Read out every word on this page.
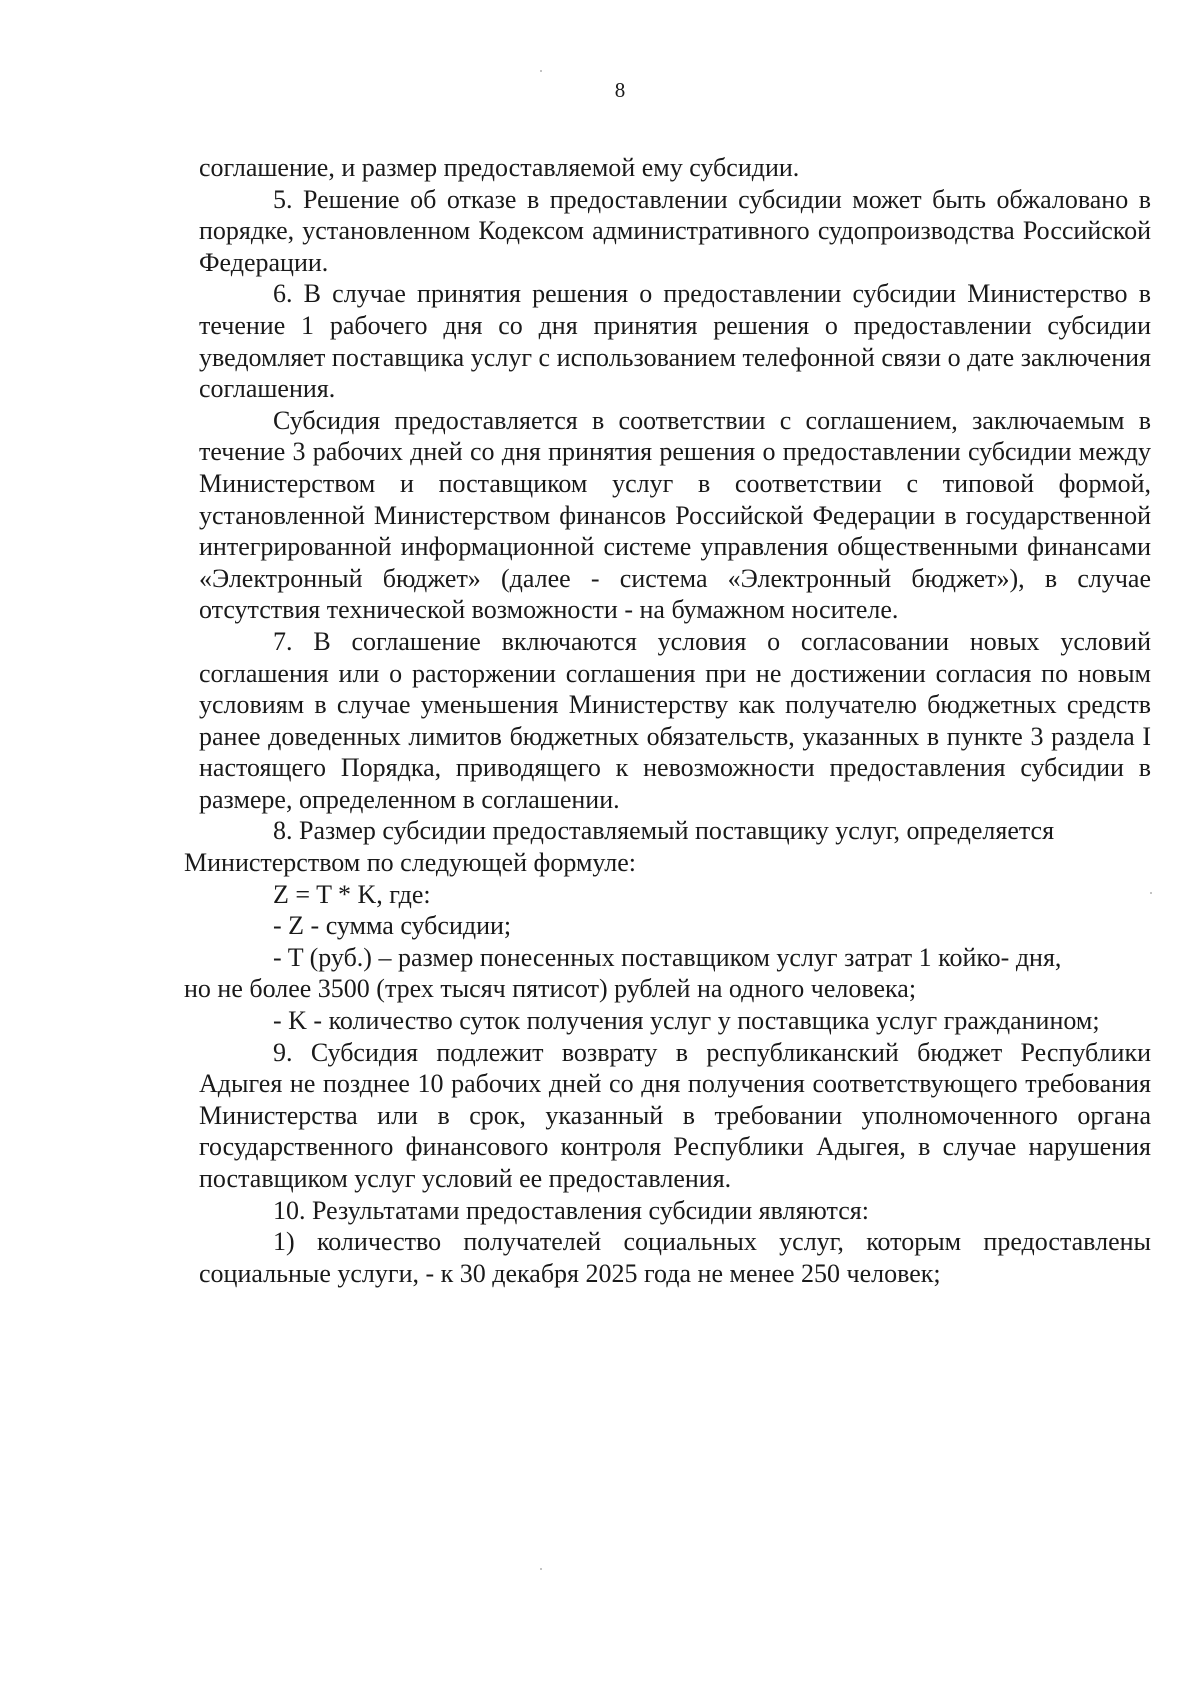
8

соглашение, и размер предоставляемой ему субсидии.

5. Решение об отказе в предоставлении субсидии может быть обжаловано в порядке, установленном Кодексом административного судопроизводства Российской Федерации.

6. В случае принятия решения о предоставлении субсидии Министерство в течение 1 рабочего дня со дня принятия решения о предоставлении субсидии уведомляет поставщика услуг с использованием телефонной связи о дате заключения соглашения.

Субсидия предоставляется в соответствии с соглашением, заключаемым в течение 3 рабочих дней со дня принятия решения о предоставлении субсидии между Министерством и поставщиком услуг в соответствии с типовой формой, установленной Министерством финансов Российской Федерации в государственной интегрированной информационной системе управления общественными финансами «Электронный бюджет» (далее - система «Электронный бюджет»), в случае отсутствия технической возможности - на бумажном носителе.

7. В соглашение включаются условия о согласовании новых условий соглашения или о расторжении соглашения при не достижении согласия по новым условиям в случае уменьшения Министерству как получателю бюджетных средств ранее доведенных лимитов бюджетных обязательств, указанных в пункте 3 раздела I настоящего Порядка, приводящего к невозможности предоставления субсидии в размере, определенном в соглашении.

8. Размер субсидии предоставляемый поставщику услуг, определяется

Министерством по следующей формуле:

Z = T * K, где:

- Z - сумма субсидии;

- T (руб.) – размер понесенных поставщиком услуг затрат 1 койко- дня,

но не более 3500 (трех тысяч пятисот) рублей на одного человека;

- K - количество суток получения услуг у поставщика услуг гражданином;

9. Субсидия подлежит возврату в республиканский бюджет Республики Адыгея не позднее 10 рабочих дней со дня получения соответствующего требования Министерства или в срок, указанный в требовании уполномоченного органа государственного финансового контроля Республики Адыгея, в случае нарушения поставщиком услуг условий ее предоставления.

10. Результатами предоставления субсидии являются:

1) количество получателей социальных услуг, которым предоставлены социальные услуги, - к 30 декабря 2025 года не менее 250 человек;
